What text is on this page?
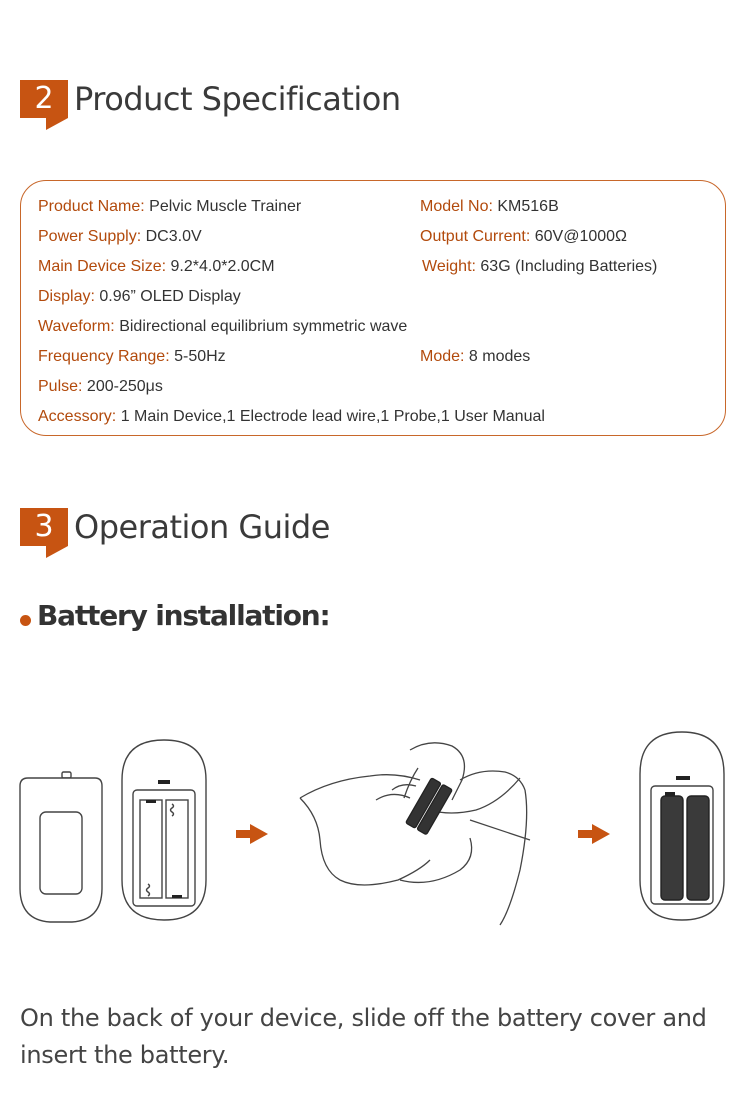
2 Product Specification
Product Name: Pelvic Muscle Trainer	Model No: KM516B
Power Supply: DC3.0V	Output Current: 60V@1000Ω
Main Device Size: 9.2*4.0*2.0CM	Weight: 63G (Including Batteries)
Display: 0.96” OLED Display
Waveform: Bidirectional equilibrium symmetric wave
Frequency Range: 5-50Hz	Mode: 8 modes
Pulse: 200-250μs
Accessory: 1 Main Device,1 Electrode lead wire,1 Probe,1 User Manual
3 Operation Guide
Battery installation:
On the back of your device, slide off the battery cover and insert the battery.
